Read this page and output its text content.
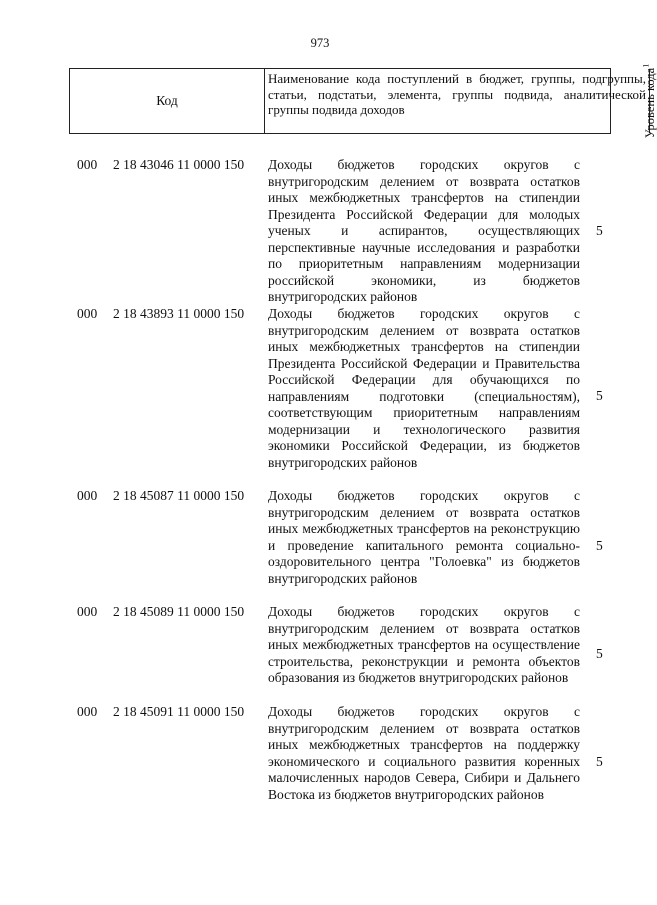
973
Код
Наименование кода поступлений в бюджет, группы, подгруппы, статьи, подстатьи, элемента, группы подвида, аналитической группы подвида доходов	Уровень кода$^1$
000 2 18 43046 11 0000 150 Доходы бюджетов городских округов с внутригородским делением от возврата остатков иных межбюджетных трансфертов на стипендии Президента Российской Федерации для молодых ученых и аспирантов, осуществляющих перспективные научные исследования и разработки по приоритетным направлениям модернизации российской экономики, из бюджетов внутригородских районов
5
000 2 18 43893 11 0000 150 Доходы бюджетов городских округов с внутригородским делением от возврата остатков иных межбюджетных трансфертов на стипендии Президента Российской Федерации и Правительства Российской Федерации для обучающихся по направлениям подготовки (специальностям), соответствующим приоритетным направлениям модернизации и технологического развития экономики Российской Федерации, из бюджетов внутригородских районов
5
000 2 18 45087 11 0000 150 Доходы бюджетов городских округов с внутригородским делением от возврата остатков иных межбюджетных трансфертов на реконструкцию и проведение капитального ремонта социально-оздоровительного центра "Голоевка" из бюджетов внутригородских районов
5
000 2 18 45089 11 0000 150 Доходы бюджетов городских округов с внутригородским делением от возврата остатков иных межбюджетных трансфертов на осуществление строительства, реконструкции и ремонта объектов образования из бюджетов внутригородских районов
5
000 2 18 45091 11 0000 150 Доходы бюджетов городских округов с внутригородским делением от возврата остатков иных межбюджетных трансфертов на поддержку экономического и социального развития коренных малочисленных народов Севера, Сибири и Дальнего Востока из бюджетов внутригородских районов
5
